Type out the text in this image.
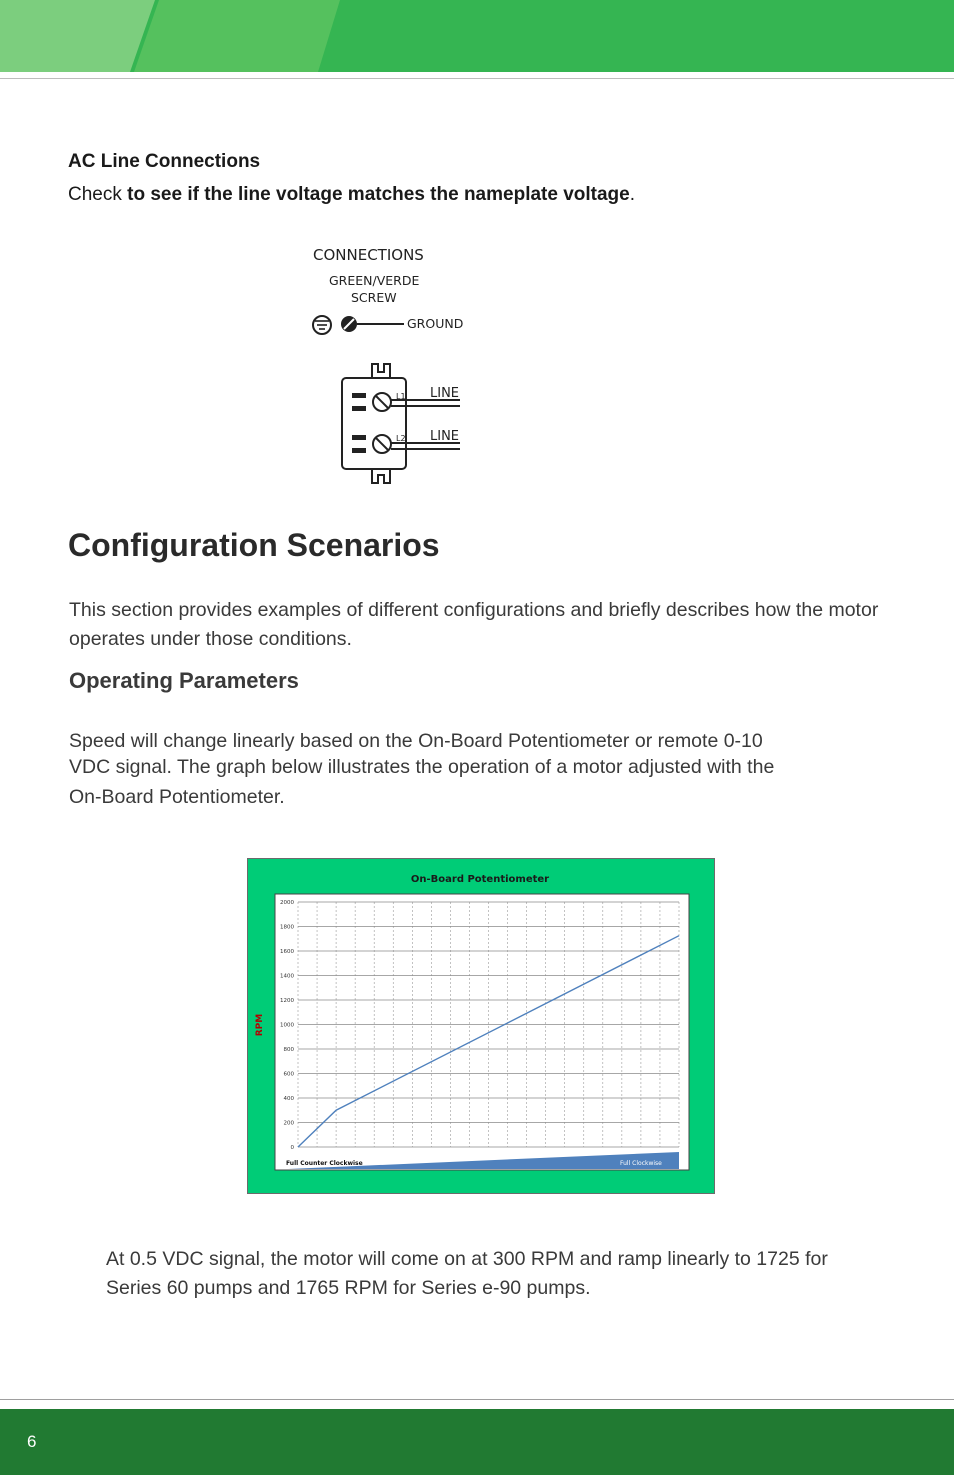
AC Line Connections
Check to see if the line voltage matches the nameplate voltage.
CONNECTIONS
GREEN/VERDE
SCREW
GROUND
L1 LINE
L2 LINE
Configuration Scenarios
This section provides examples of different configurations and briefly describes how the motor operates under those conditions.
Operating Parameters
Speed will change linearly based on the On-Board Potentiometer or remote 0-10
VDC signal. The graph below illustrates the operation of a motor adjusted with the
On-Board Potentiometer.
On-Board Potentiometer
RPM
0
200
400
600
800
1000
1200
1400
1600
1800
2000
Full Counter Clockwise	Full Clockwise
At 0.5 VDC signal, the motor will come on at 300 RPM and ramp linearly to 1725 for Series 60 pumps and 1765 RPM for Series e-90 pumps.
6
